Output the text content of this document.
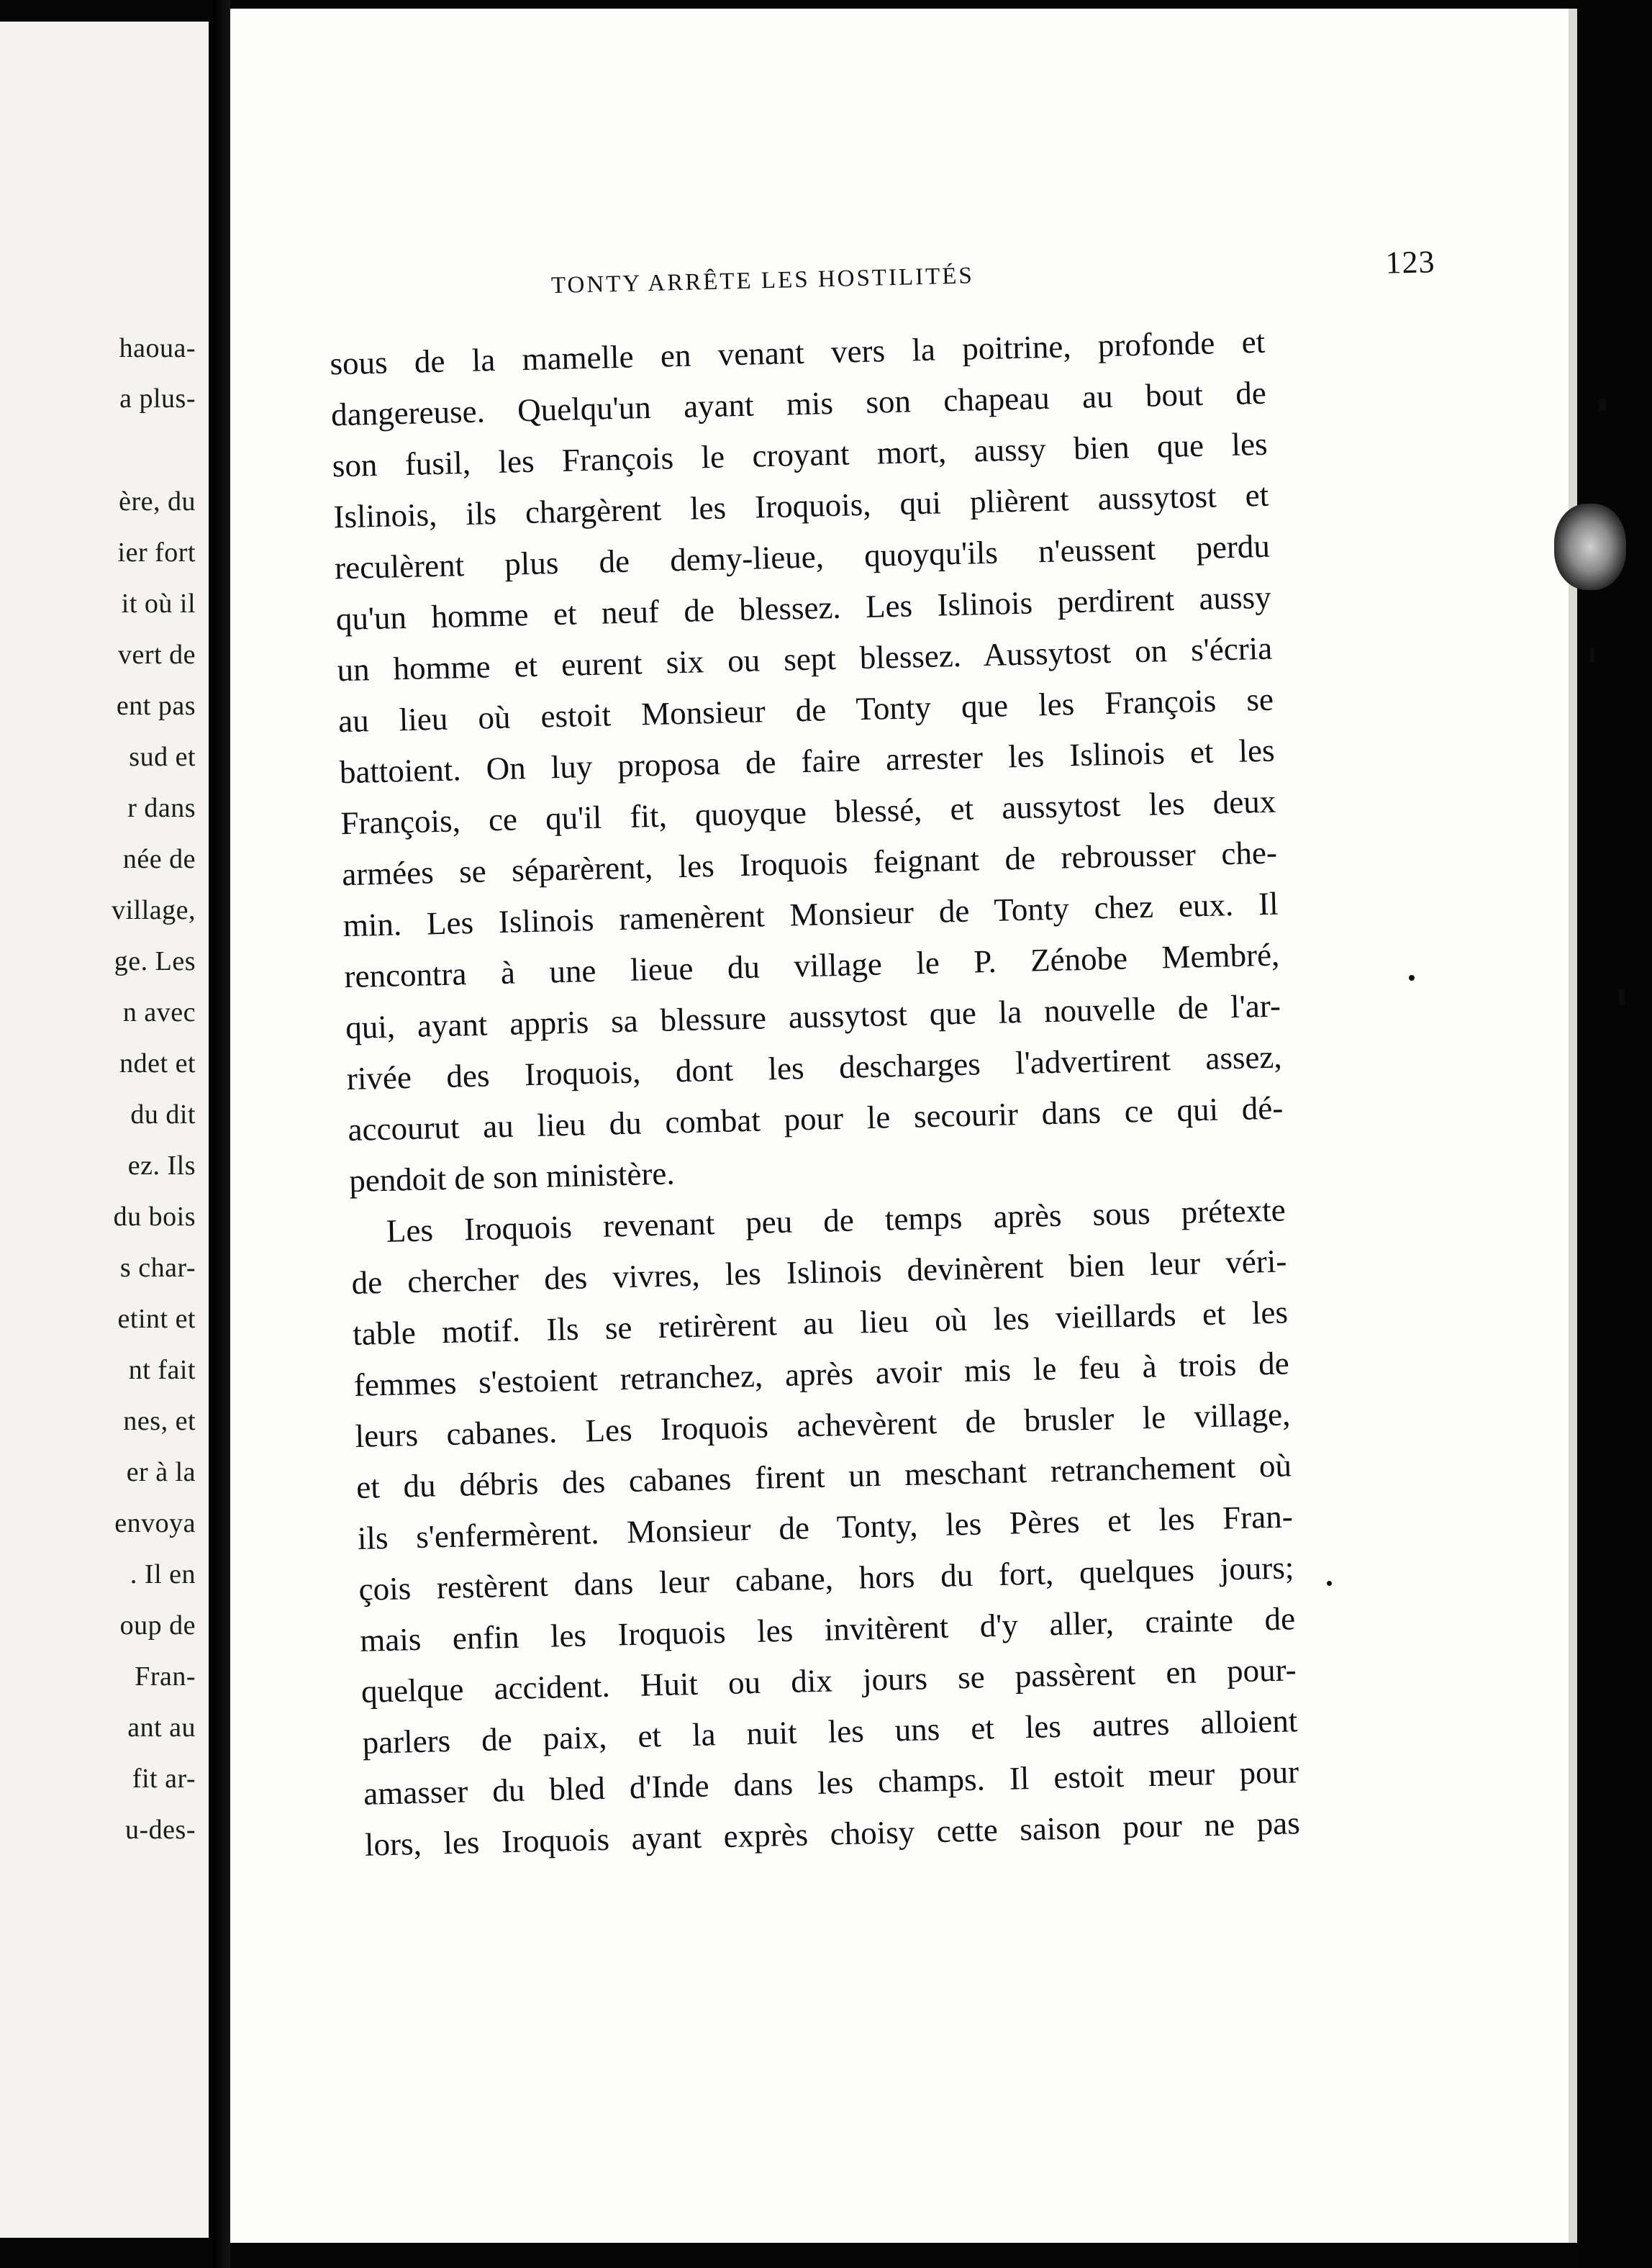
haoua-
a plus-
ère, du
ier fort
it où il
vert de
ent pas
sud et
r dans
née de
village,
ge. Les
n avec
ndet et
du dit
ez. Ils
du bois
s char-
etint et
nt fait
nes, et
er à la
envoya
. Il en
oup de
Fran-
ant au
fit ar-
u-des-
TONTY ARRÊTE LES HOSTILITÉS
123
sous de la mamelle en venant vers la poitrine, profonde et
dangereuse. Quelqu'un ayant mis son chapeau au bout de
son fusil, les François le croyant mort, aussy bien que les
Islinois, ils chargèrent les Iroquois, qui plièrent aussytost et
reculèrent plus de demy-lieue, quoyqu'ils n'eussent perdu
qu'un homme et neuf de blessez. Les Islinois perdirent aussy
un homme et eurent six ou sept blessez. Aussytost on s'écria
au lieu où estoit Monsieur de Tonty que les François se
battoient. On luy proposa de faire arrester les Islinois et les
François, ce qu'il fit, quoyque blessé, et aussytost les deux
armées se séparèrent, les Iroquois feignant de rebrousser che-
min. Les Islinois ramenèrent Monsieur de Tonty chez eux. Il
rencontra à une lieue du village le P. Zénobe Membré,
qui, ayant appris sa blessure aussytost que la nouvelle de l'ar-
rivée des Iroquois, dont les descharges l'advertirent assez,
accourut au lieu du combat pour le secourir dans ce qui dé-
pendoit de son ministère.
Les Iroquois revenant peu de temps après sous prétexte
de chercher des vivres, les Islinois devinèrent bien leur véri-
table motif. Ils se retirèrent au lieu où les vieillards et les
femmes s'estoient retranchez, après avoir mis le feu à trois de
leurs cabanes. Les Iroquois achevèrent de brusler le village,
et du débris des cabanes firent un meschant retranchement où
ils s'enfermèrent. Monsieur de Tonty, les Pères et les Fran-
çois restèrent dans leur cabane, hors du fort, quelques jours;
mais enfin les Iroquois les invitèrent d'y aller, crainte de
quelque accident. Huit ou dix jours se passèrent en pour-
parlers de paix, et la nuit les uns et les autres alloient
amasser du bled d'Inde dans les champs. Il estoit meur pour
lors, les Iroquois ayant exprès choisy cette saison pour ne pas
